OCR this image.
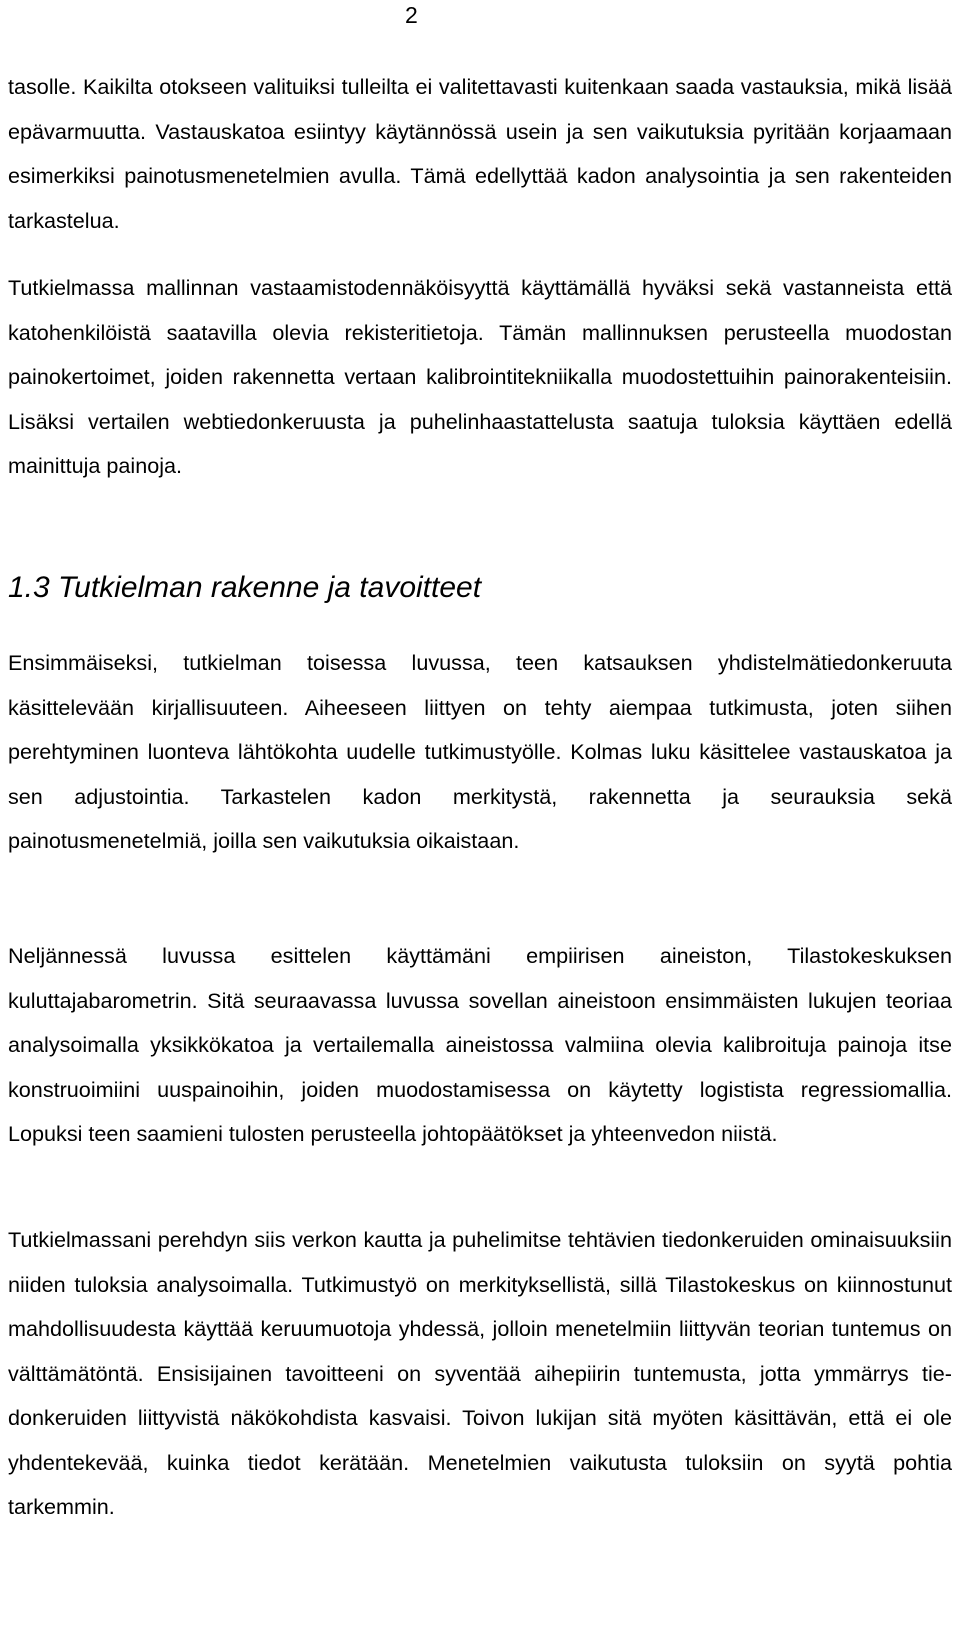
2

tasolle. Kaikilta otokseen valituiksi tulleilta ei valitettavasti kuitenkaan saada vastauksia, mikä lisää epävarmuutta. Vastauskatoa esiintyy käytännössä usein ja sen vaikutuksia pyritään korjaamaan esimerkiksi painotusmenetelmien avulla. Tämä edellyttää kadon analysointia ja sen rakenteiden tarkastelua.

Tutkielmassa mallinnan vastaamistodennäköisyyttä käyttämällä hyväksi sekä vastanneista että katohenkilöistä saatavilla olevia rekisteritietoja. Tämän mallinnuksen perusteella muodostan painokertoimet, joiden rakennetta vertaan kalibrointitekniikalla muodostettuihin painorakenteisiin. Lisäksi vertailen webtiedonkeruusta ja puhelinhaastattelusta saatuja tuloksia käyttäen edellä mainittuja painoja.

1.3 Tutkielman rakenne ja tavoitteet

Ensimmäiseksi, tutkielman toisessa luvussa, teen katsauksen yhdistelmätiedonkeruuta käsittelevään kirjallisuuteen. Aiheeseen liittyen on tehty aiempaa tutkimusta, joten siihen perehtyminen luonteva lähtökohta uudelle tutkimustyölle. Kolmas luku käsittelee vastauskatoa ja sen adjustointia. Tarkastelen kadon merkitystä, rakennetta ja seurauksia sekä painotusmenetelmiä, joilla sen vaikutuksia oikaistaan.

Neljännessä luvussa esittelen käyttämäni empiirisen aineiston, Tilastokeskuksen kuluttajabarometrin. Sitä seuraavassa luvussa sovellan aineistoon ensimmäisten lukujen teoriaa analysoimalla yksikkökatoa ja vertailemalla aineistossa valmiina olevia kalibroituja painoja itse konstruoimiini uuspainoihin, joiden muodostamisessa on käytetty logistista regressiomallia. Lopuksi teen saamieni tulosten perusteella johtopäätökset ja yhteenvedon niistä.

Tutkielmassani perehdyn siis verkon kautta ja puhelimitse tehtävien tiedonkeruiden ominaisuuksiin niiden tuloksia analysoimalla. Tutkimustyö on merkityksellistä, sillä Tilastokeskus on kiinnostunut mahdollisuudesta käyttää keruumuotoja yhdessä, jolloin menetelmiin liittyvän teorian tuntemus on välttämätöntä. Ensisijainen tavoitteeni on syventää aihepiirin tuntemusta, jotta ymmärrys tiedonkeruiden liittyvistä näkökohdista kasvaisi. Toivon lukijan sitä myöten käsittävän, että ei ole yhdentekevää, kuinka tiedot kerätään. Menetelmien vaikutusta tuloksiin on syytä pohtia tarkemmin.
